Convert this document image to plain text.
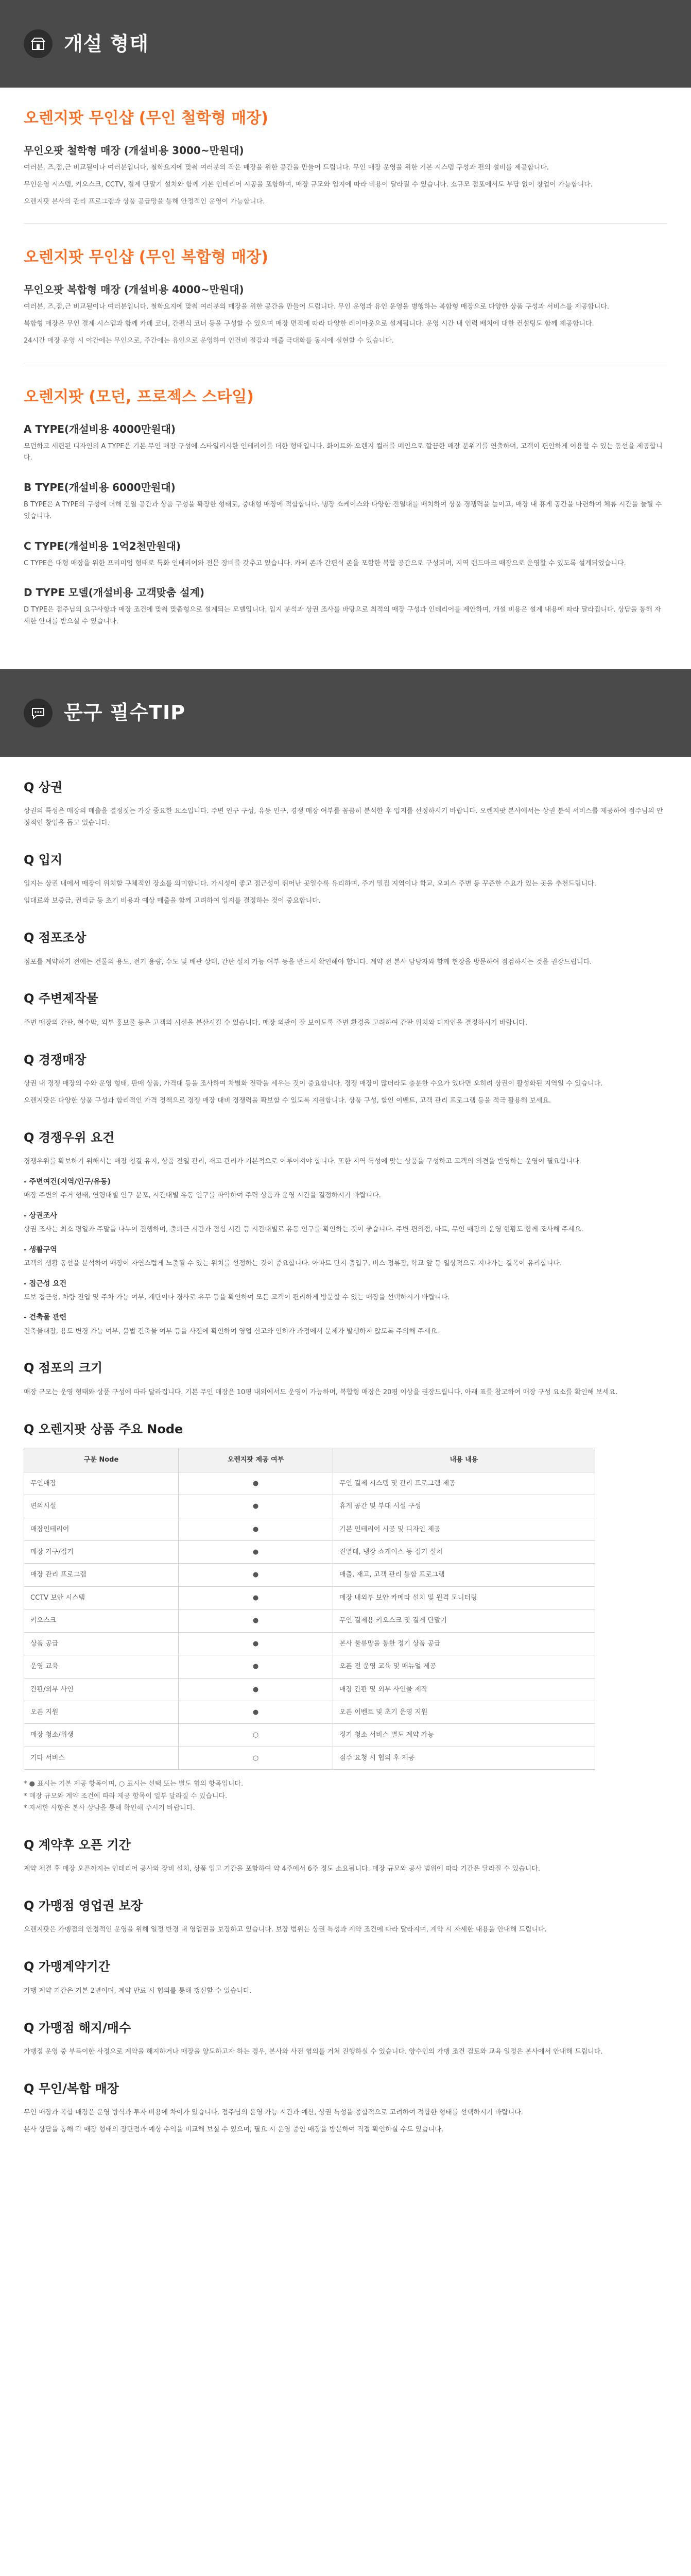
개설 형태
오렌지팟 무인샵 (무인 철학형 매장)
무인오팟 철학형 매장 (개설비용 3000~만원대)

여러분, 즈,점,근 비교될이나 여러분입니다. 철학요지에 맞춰 여러분의 작은 매장을 위한 공간을 만들어 드립니다. 무인 매장 운영을 위한 기본 시스템 구성과 편의 설비를 제공합니다.

무인운영 시스템, 키오스크, CCTV, 결제 단말기 설치와 함께 기본 인테리어 시공을 포함하며, 매장 규모와 입지에 따라 비용이 달라질 수 있습니다. 소규모 점포에서도 부담 없이 창업이 가능합니다.

오렌지팟 본사의 관리 프로그램과 상품 공급망을 통해 안정적인 운영이 가능합니다.

오렌지팟 무인샵 (무인 복합형 매장)
무인오팟 복합형 매장 (개설비용 4000~만원대)

여러분, 즈,점,근 비교될이나 여러분입니다. 철학요지에 맞춰 여러분의 매장을 위한 공간을 만들어 드립니다. 무인 운영과 유인 운영을 병행하는 복합형 매장으로 다양한 상품 구성과 서비스를 제공합니다.

복합형 매장은 무인 결제 시스템과 함께 카페 코너, 간편식 코너 등을 구성할 수 있으며 매장 면적에 따라 다양한 레이아웃으로 설계됩니다. 운영 시간 내 인력 배치에 대한 컨설팅도 함께 제공합니다.

24시간 매장 운영 시 야간에는 무인으로, 주간에는 유인으로 운영하여 인건비 절감과 매출 극대화를 동시에 실현할 수 있습니다.

오렌지팟 (모던, 프로젝스 스타일)
A TYPE(개설비용 4000만원대)

모던하고 세련된 디자인의 A TYPE은 기본 무인 매장 구성에 스타일리시한 인테리어를 더한 형태입니다. 화이트와 오렌지 컬러를 메인으로 깔끔한 매장 분위기를 연출하며, 고객이 편안하게 이용할 수 있는 동선을 제공합니다.

B TYPE(개설비용 6000만원대)

B TYPE은 A TYPE의 구성에 더해 진열 공간과 상품 구성을 확장한 형태로, 중대형 매장에 적합합니다. 냉장 쇼케이스와 다양한 진열대를 배치하여 상품 경쟁력을 높이고, 매장 내 휴게 공간을 마련하여 체류 시간을 늘릴 수 있습니다.

C TYPE(개설비용 1억2천만원대)

C TYPE은 대형 매장을 위한 프리미엄 형태로 특화 인테리어와 전문 장비를 갖추고 있습니다. 카페 존과 간편식 존을 포함한 복합 공간으로 구성되며, 지역 랜드마크 매장으로 운영할 수 있도록 설계되었습니다.

D TYPE 모델(개설비용 고객맞춤 설계)

D TYPE은 점주님의 요구사항과 매장 조건에 맞춰 맞춤형으로 설계되는 모델입니다. 입지 분석과 상권 조사를 바탕으로 최적의 매장 구성과 인테리어를 제안하며, 개설 비용은 설계 내용에 따라 달라집니다. 상담을 통해 자세한 안내를 받으실 수 있습니다.

문구 필수TIP
Q 상권

상권의 특성은 매장의 매출을 결정짓는 가장 중요한 요소입니다. 주변 인구 구성, 유동 인구, 경쟁 매장 여부를 꼼꼼히 분석한 후 입지를 선정하시기 바랍니다. 오렌지팟 본사에서는 상권 분석 서비스를 제공하여 점주님의 안정적인 창업을 돕고 있습니다.

Q 입지

입지는 상권 내에서 매장이 위치할 구체적인 장소를 의미합니다. 가시성이 좋고 접근성이 뛰어난 곳일수록 유리하며, 주거 밀집 지역이나 학교, 오피스 주변 등 꾸준한 수요가 있는 곳을 추천드립니다.

임대료와 보증금, 권리금 등 초기 비용과 예상 매출을 함께 고려하여 입지를 결정하는 것이 중요합니다.

Q 점포조상

점포를 계약하기 전에는 건물의 용도, 전기 용량, 수도 및 배관 상태, 간판 설치 가능 여부 등을 반드시 확인해야 합니다. 계약 전 본사 담당자와 함께 현장을 방문하여 점검하시는 것을 권장드립니다.

Q 주변제작물

주변 매장의 간판, 현수막, 외부 홍보물 등은 고객의 시선을 분산시킬 수 있습니다. 매장 외관이 잘 보이도록 주변 환경을 고려하여 간판 위치와 디자인을 결정하시기 바랍니다.

Q 경쟁매장

상권 내 경쟁 매장의 수와 운영 형태, 판매 상품, 가격대 등을 조사하여 차별화 전략을 세우는 것이 중요합니다. 경쟁 매장이 많더라도 충분한 수요가 있다면 오히려 상권이 활성화된 지역일 수 있습니다.

오렌지팟은 다양한 상품 구성과 합리적인 가격 정책으로 경쟁 매장 대비 경쟁력을 확보할 수 있도록 지원합니다. 상품 구성, 할인 이벤트, 고객 관리 프로그램 등을 적극 활용해 보세요.

Q 경쟁우위 요건

경쟁우위를 확보하기 위해서는 매장 청결 유지, 상품 진열 관리, 재고 관리가 기본적으로 이루어져야 합니다. 또한 지역 특성에 맞는 상품을 구성하고 고객의 의견을 반영하는 운영이 필요합니다.

- 주변여건(지역/인구/유동)

매장 주변의 주거 형태, 연령대별 인구 분포, 시간대별 유동 인구를 파악하여 주력 상품과 운영 시간을 결정하시기 바랍니다.

- 상권조사

상권 조사는 최소 평일과 주말을 나누어 진행하며, 출퇴근 시간과 점심 시간 등 시간대별로 유동 인구를 확인하는 것이 좋습니다. 주변 편의점, 마트, 무인 매장의 운영 현황도 함께 조사해 주세요.

- 생활구역

고객의 생활 동선을 분석하여 매장이 자연스럽게 노출될 수 있는 위치를 선정하는 것이 중요합니다. 아파트 단지 출입구, 버스 정류장, 학교 앞 등 일상적으로 지나가는 길목이 유리합니다.

- 접근성 요건

도보 접근성, 차량 진입 및 주차 가능 여부, 계단이나 경사로 유무 등을 확인하여 모든 고객이 편리하게 방문할 수 있는 매장을 선택하시기 바랍니다.

- 건축물 관련

건축물대장, 용도 변경 가능 여부, 불법 건축물 여부 등을 사전에 확인하여 영업 신고와 인허가 과정에서 문제가 발생하지 않도록 주의해 주세요.

Q 점포의 크기

매장 규모는 운영 형태와 상품 구성에 따라 달라집니다. 기본 무인 매장은 10평 내외에서도 운영이 가능하며, 복합형 매장은 20평 이상을 권장드립니다. 아래 표를 참고하여 매장 구성 요소를 확인해 보세요.

Q 오렌지팟 상품 주요 Node
구분 Node	오렌지팟 제공 여부	내용 내용
무인매장	●	무인 결제 시스템 및 관리 프로그램 제공
편의시설	●	휴게 공간 및 부대 시설 구성
매장인테리어	●	기본 인테리어 시공 및 디자인 제공
매장 가구/집기	●	진열대, 냉장 쇼케이스 등 집기 설치
매장 관리 프로그램	●	매출, 재고, 고객 관리 통합 프로그램
CCTV 보안 시스템	●	매장 내외부 보안 카메라 설치 및 원격 모니터링
키오스크	●	무인 결제용 키오스크 및 결제 단말기
상품 공급	●	본사 물류망을 통한 정기 상품 공급
운영 교육	●	오픈 전 운영 교육 및 매뉴얼 제공
간판/외부 사인	●	매장 간판 및 외부 사인물 제작
오픈 지원	●	오픈 이벤트 및 초기 운영 지원
매장 청소/위생	○	정기 청소 서비스 별도 계약 가능
기타 서비스	○	점주 요청 시 협의 후 제공
* ● 표시는 기본 제공 항목이며, ○ 표시는 선택 또는 별도 협의 항목입니다.
* 매장 규모와 계약 조건에 따라 제공 항목이 일부 달라질 수 있습니다.
* 자세한 사항은 본사 상담을 통해 확인해 주시기 바랍니다.
Q 계약후 오픈 기간

계약 체결 후 매장 오픈까지는 인테리어 공사와 장비 설치, 상품 입고 기간을 포함하여 약 4주에서 6주 정도 소요됩니다. 매장 규모와 공사 범위에 따라 기간은 달라질 수 있습니다.

Q 가맹점 영업권 보장

오렌지팟은 가맹점의 안정적인 운영을 위해 일정 반경 내 영업권을 보장하고 있습니다. 보장 범위는 상권 특성과 계약 조건에 따라 달라지며, 계약 시 자세한 내용을 안내해 드립니다.

Q 가맹계약기간

가맹 계약 기간은 기본 2년이며, 계약 만료 시 협의를 통해 갱신할 수 있습니다.

Q 가맹점 해지/매수

가맹점 운영 중 부득이한 사정으로 계약을 해지하거나 매장을 양도하고자 하는 경우, 본사와 사전 협의를 거쳐 진행하실 수 있습니다. 양수인의 가맹 조건 검토와 교육 일정은 본사에서 안내해 드립니다.

Q 무인/복합 매장

무인 매장과 복합 매장은 운영 방식과 투자 비용에 차이가 있습니다. 점주님의 운영 가능 시간과 예산, 상권 특성을 종합적으로 고려하여 적합한 형태를 선택하시기 바랍니다.

본사 상담을 통해 각 매장 형태의 장단점과 예상 수익을 비교해 보실 수 있으며, 필요 시 운영 중인 매장을 방문하여 직접 확인하실 수도 있습니다.
